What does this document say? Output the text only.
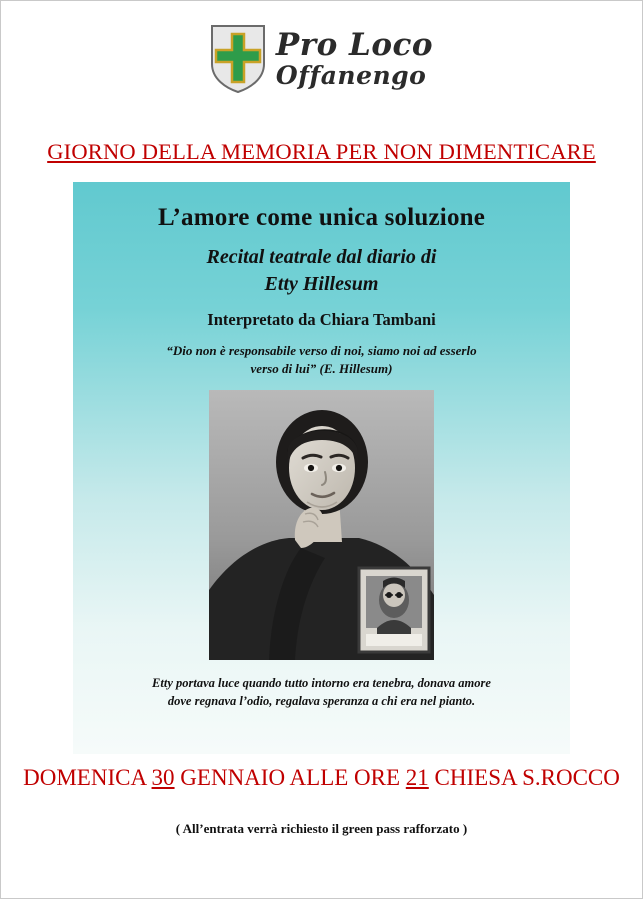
Pro Loco
Offanengo
GIORNO DELLA MEMORIA PER NON DIMENTICARE
L’amore come unica soluzione
Recital teatrale dal diario di
Etty Hillesum
Interpretato da Chiara Tambani
“Dio non è responsabile verso di noi, siamo noi ad esserlo
verso di lui” (E. Hillesum)
Etty portava luce quando tutto intorno era tenebra, donava amore
dove regnava l’odio, regalava speranza a chi era nel pianto.
DOMENICA 30 GENNAIO ALLE ORE 21 CHIESA S.ROCCO
( All’entrata verrà richiesto il green pass rafforzato )
